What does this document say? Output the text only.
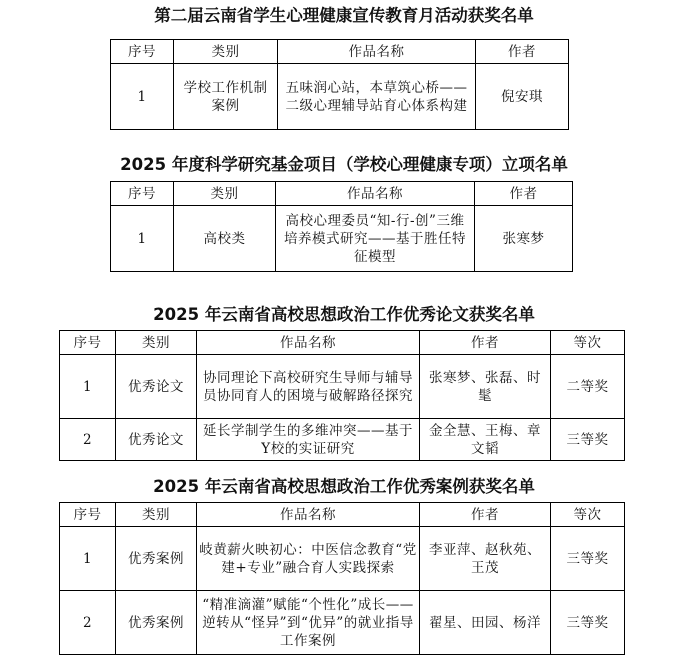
第二届云南省学生心理健康宣传教育月活动获奖名单
序号	类别	作品名称	作者
1	学校工作机制案例	五味润心站，本草筑心桥——二级心理辅导站育心体系构建	倪安琪
2025 年度科学研究基金项目（学校心理健康专项）立项名单
序号	类别	作品名称	作者
1	高校类	高校心理委员“知-行-创”三维培养模式研究——基于胜任特征模型	张寒梦
2025 年云南省高校思想政治工作优秀论文获奖名单
序号	类别	作品名称	作者	等次
1	优秀论文	协同理论下高校研究生导师与辅导员协同育人的困境与破解路径探究	张寒梦、张磊、时髦	二等奖
2	优秀论文	延长学制学生的多维冲突——基于Y校的实证研究	金全慧、王梅、章文韬	三等奖
2025 年云南省高校思想政治工作优秀案例获奖名单
序号	类别	作品名称	作者	等次
1	优秀案例	岐黄薪火映初心：中医信念教育“党建+专业”融合育人实践探索	李亚萍、赵秋苑、王茂	三等奖
2	优秀案例	“精准滴灌”赋能“个性化”成长——逆转从“怪异”到“优异”的就业指导工作案例	翟星、田园、杨洋	三等奖
